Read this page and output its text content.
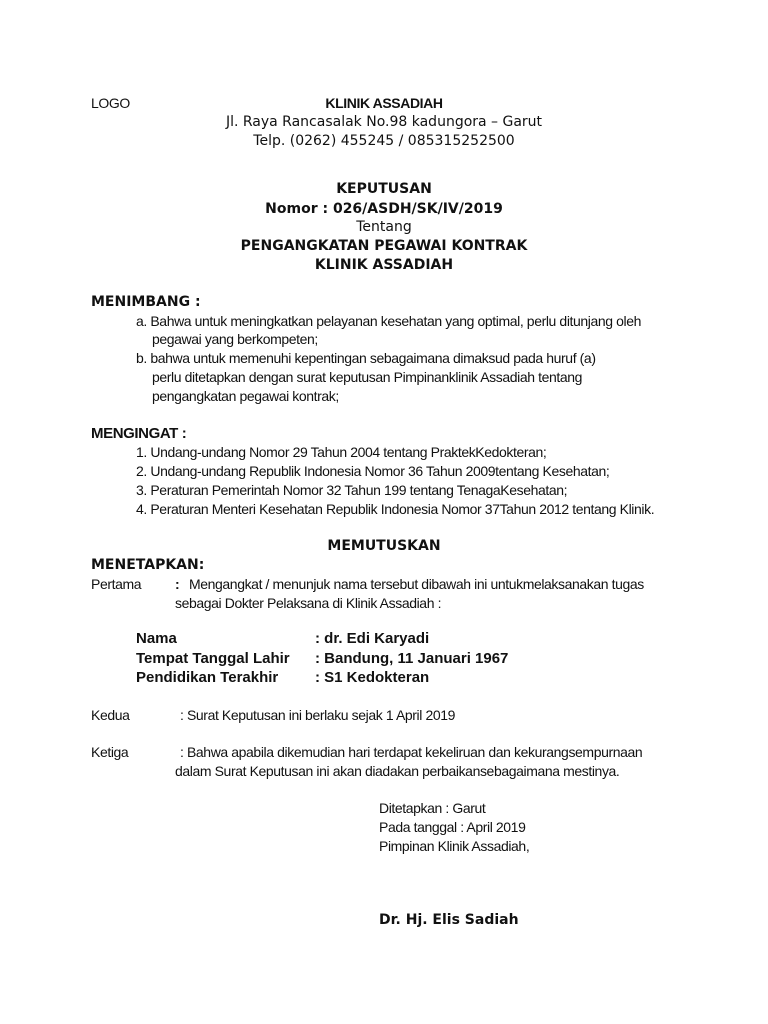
LOGO	KLINIK ASSADIAH
Jl. Raya Rancasalak No.98 kadungora – Garut
Telp. (0262) 455245 / 085315252500
KEPUTUSAN
Nomor : 026/ASDH/SK/IV/2019
Tentang
PENGANGKATAN PEGAWAI KONTRAK
KLINIK ASSADIAH
MENIMBANG :
a. Bahwa untuk meningkatkan pelayanan kesehatan yang optimal, perlu ditunjang oleh
pegawai yang berkompeten;
b. bahwa untuk memenuhi kepentingan sebagaimana dimaksud pada huruf (a)
perlu ditetapkan dengan surat keputusan Pimpinanklinik Assadiah tentang
pengangkatan pegawai kontrak;
MENGINGAT :
1. Undang-undang Nomor 29 Tahun 2004 tentang PraktekKedokteran;
2. Undang-undang Republik Indonesia Nomor 36 Tahun 2009tentang Kesehatan;
3. Peraturan Pemerintah Nomor 32 Tahun 199 tentang TenagaKesehatan;
4. Peraturan Menteri Kesehatan Republik Indonesia Nomor 37Tahun 2012 tentang Klinik.
MEMUTUSKAN
MENETAPKAN:
Pertama : Mengangkat / menunjuk nama tersebut dibawah ini untukmelaksanakan tugas
sebagai Dokter Pelaksana di Klinik Assadiah :
Nama	: dr. Edi Karyadi
Tempat Tanggal Lahir : Bandung, 11 Januari 1967
Pendidikan Terakhir : S1 Kedokteran
Kedua	: Surat Keputusan ini berlaku sejak 1 April 2019
Ketiga	: Bahwa apabila dikemudian hari terdapat kekeliruan dan kekurangsempurnaan
dalam Surat Keputusan ini akan diadakan perbaikansebagaimana mestinya.
Ditetapkan : Garut
Pada tanggal : April 2019
Pimpinan Klinik Assadiah,
Dr. Hj. Elis Sadiah
